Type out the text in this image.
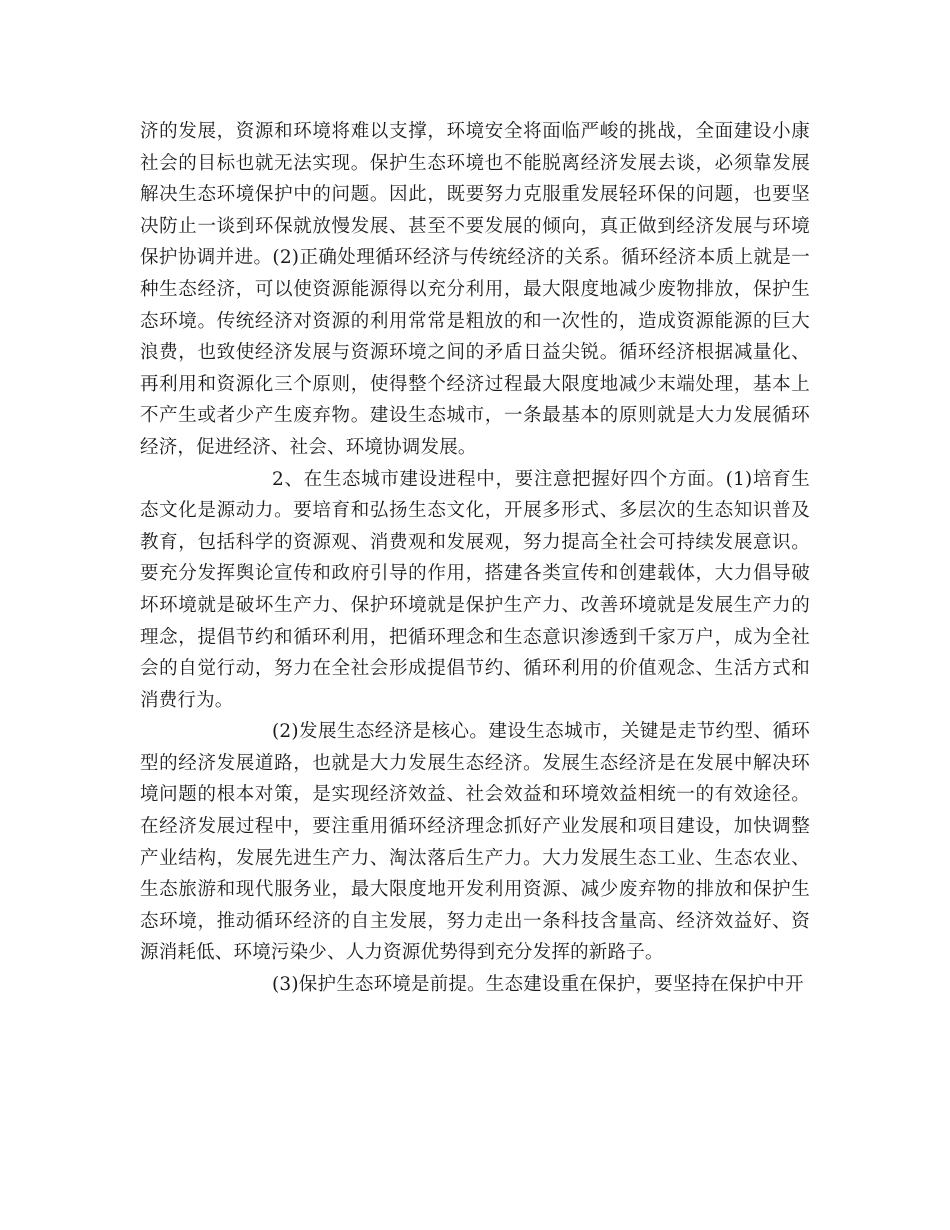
济的发展，资源和环境将难以支撑，环境安全将面临严峻的挑战，全面建设小康社会的目标也就无法实现。保护生态环境也不能脱离经济发展去谈，必须靠发展解决生态环境保护中的问题。因此，既要努力克服重发展轻环保的问题，也要坚决防止一谈到环保就放慢发展、甚至不要发展的倾向，真正做到经济发展与环境保护协调并进。(2)正确处理循环经济与传统经济的关系。循环经济本质上就是一种生态经济，可以使资源能源得以充分利用，最大限度地减少废物排放，保护生态环境。传统经济对资源的利用常常是粗放的和一次性的，造成资源能源的巨大浪费，也致使经济发展与资源环境之间的矛盾日益尖锐。循环经济根据减量化、再利用和资源化三个原则，使得整个经济过程最大限度地减少末端处理，基本上不产生或者少产生废弃物。建设生态城市，一条最基本的原则就是大力发展循环经济，促进经济、社会、环境协调发展。

2、在生态城市建设进程中，要注意把握好四个方面。(1)培育生态文化是源动力。要培育和弘扬生态文化，开展多形式、多层次的生态知识普及教育，包括科学的资源观、消费观和发展观，努力提高全社会可持续发展意识。要充分发挥舆论宣传和政府引导的作用，搭建各类宣传和创建载体，大力倡导破坏环境就是破坏生产力、保护环境就是保护生产力、改善环境就是发展生产力的理念，提倡节约和循环利用，把循环理念和生态意识渗透到千家万户，成为全社会的自觉行动，努力在全社会形成提倡节约、循环利用的价值观念、生活方式和消费行为。

(2)发展生态经济是核心。建设生态城市，关键是走节约型、循环型的经济发展道路，也就是大力发展生态经济。发展生态经济是在发展中解决环境问题的根本对策，是实现经济效益、社会效益和环境效益相统一的有效途径。在经济发展过程中，要注重用循环经济理念抓好产业发展和项目建设，加快调整产业结构，发展先进生产力、淘汰落后生产力。大力发展生态工业、生态农业、生态旅游和现代服务业，最大限度地开发利用资源、减少废弃物的排放和保护生态环境，推动循环经济的自主发展，努力走出一条科技含量高、经济效益好、资源消耗低、环境污染少、人力资源优势得到充分发挥的新路子。

(3)保护生态环境是前提。生态建设重在保护，要坚持在保护中开
